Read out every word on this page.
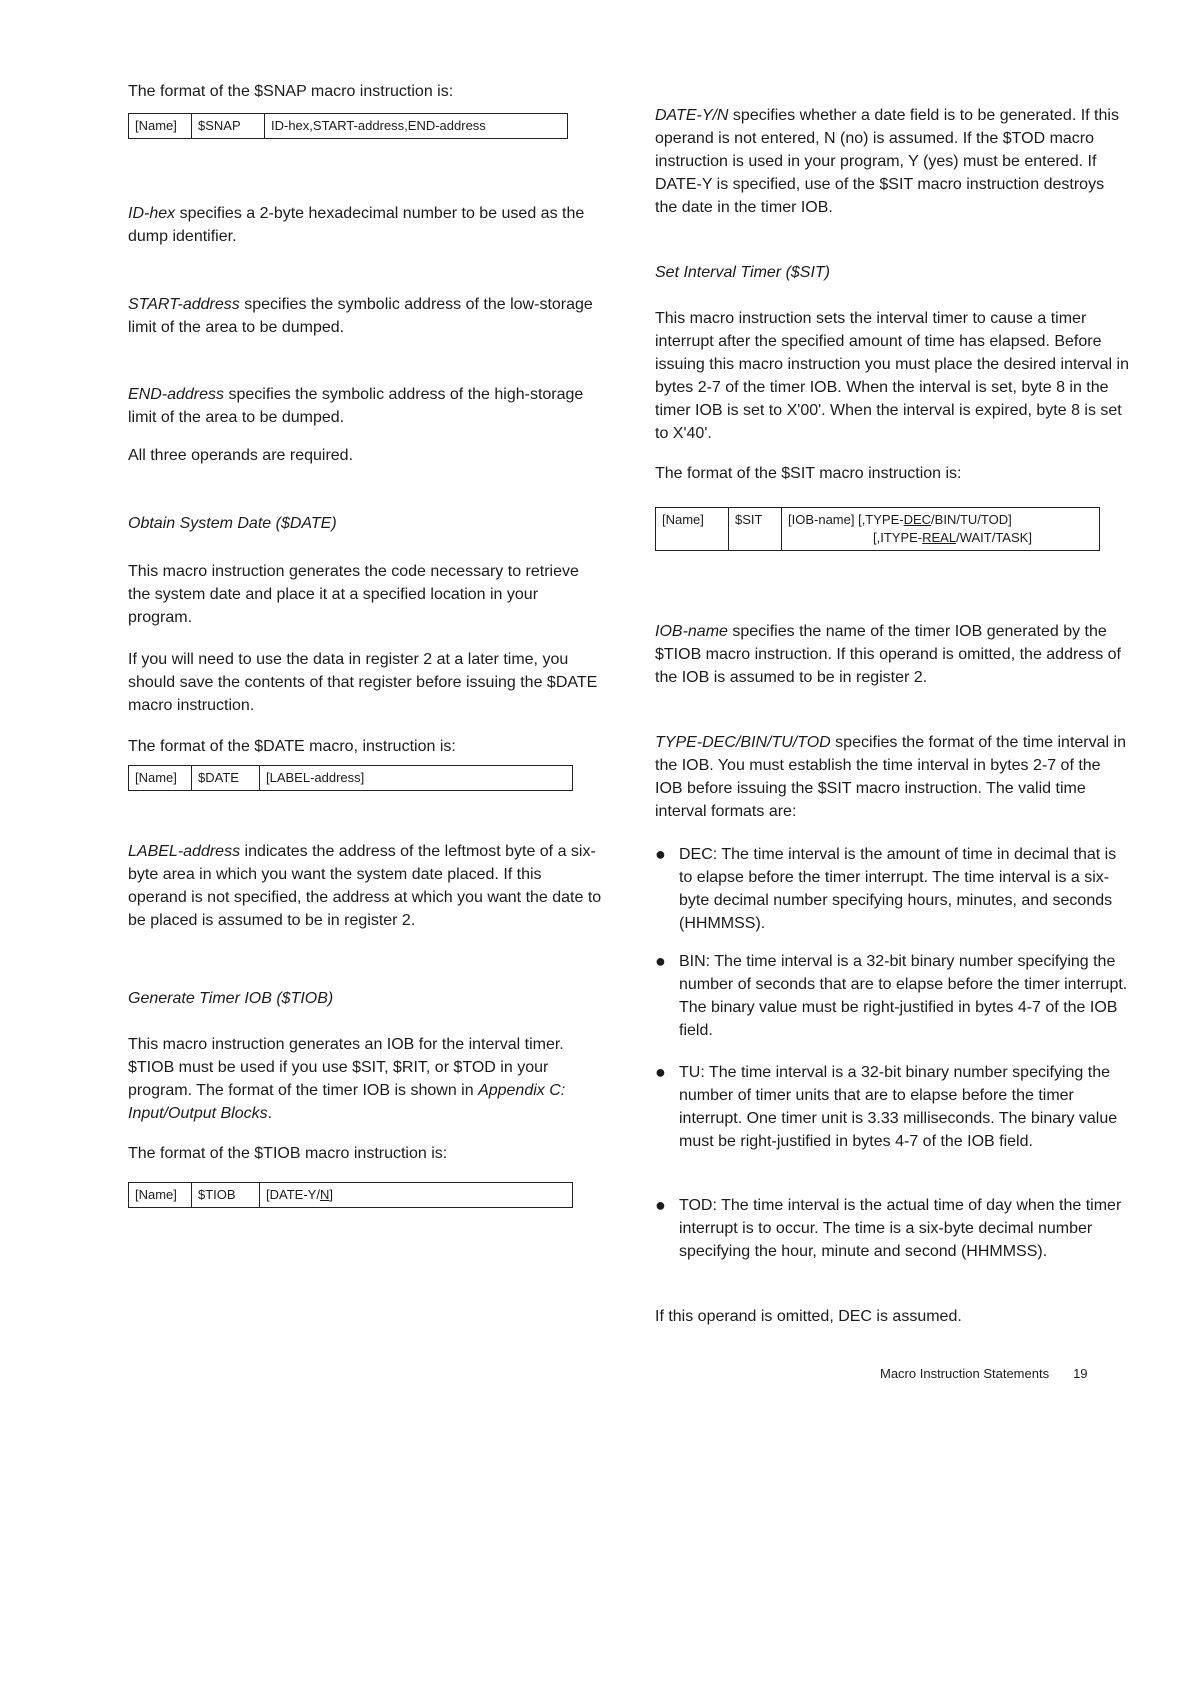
The format of the $SNAP macro instruction is:

[Name]	$SNAP	ID-hex,START-address,END-address

ID-hex specifies a 2-byte hexadecimal number to be used as the dump identifier.

START-address specifies the symbolic address of the low-storage limit of the area to be dumped.

END-address specifies the symbolic address of the high-storage limit of the area to be dumped.

All three operands are required.

Obtain System Date ($DATE)

This macro instruction generates the code necessary to retrieve the system date and place it at a specified location in your program.

If you will need to use the data in register 2 at a later time, you should save the contents of that register before issuing the $DATE macro instruction.

The format of the $DATE macro, instruction is:

[Name]	$DATE	[LABEL-address]

LABEL-address indicates the address of the leftmost byte of a six-byte area in which you want the system date placed. If this operand is not specified, the address at which you want the date to be placed is assumed to be in register 2.

Generate Timer IOB ($TIOB)

This macro instruction generates an IOB for the interval timer. $TIOB must be used if you use $SIT, $RIT, or $TOD in your program. The format of the timer IOB is shown in Appendix C: Input/Output Blocks.

The format of the $TIOB macro instruction is:

[Name]	$TIOB	[DATE-Y/N]

DATE-Y/N specifies whether a date field is to be generated. If this operand is not entered, N (no) is assumed. If the $TOD macro instruction is used in your program, Y (yes) must be entered. If DATE-Y is specified, use of the $SIT macro instruction destroys the date in the timer IOB.

Set Interval Timer ($SIT)

This macro instruction sets the interval timer to cause a timer interrupt after the specified amount of time has elapsed. Before issuing this macro instruction you must place the desired interval in bytes 2-7 of the timer IOB. When the interval is set, byte 8 in the timer IOB is set to X'00'. When the interval is expired, byte 8 is set to X'40'.

The format of the $SIT macro instruction is:

[Name]	$SIT	[IOB-name] [,TYPE-DEC/BIN/TU/TOD]
[,ITYPE-REAL/WAIT/TASK]

IOB-name specifies the name of the timer IOB generated by the $TIOB macro instruction. If this operand is omitted, the address of the IOB is assumed to be in register 2.

TYPE-DEC/BIN/TU/TOD specifies the format of the time interval in the IOB. You must establish the time interval in bytes 2-7 of the IOB before issuing the $SIT macro instruction. The valid time interval formats are:

● DEC: The time interval is the amount of time in decimal that is to elapse before the timer interrupt. The time interval is a six-byte decimal number specifying hours, minutes, and seconds (HHMMSS).
● BIN: The time interval is a 32-bit binary number specifying the number of seconds that are to elapse before the timer interrupt. The binary value must be right-justified in bytes 4-7 of the IOB field.
● TU: The time interval is a 32-bit binary number specifying the number of timer units that are to elapse before the timer interrupt. One timer unit is 3.33 milliseconds. The binary value must be right-justified in bytes 4-7 of the IOB field.
● TOD: The time interval is the actual time of day when the timer interrupt is to occur. The time is a six-byte decimal number specifying the hour, minute and second (HHMMSS).

If this operand is omitted, DEC is assumed.

Macro Instruction Statements 19
